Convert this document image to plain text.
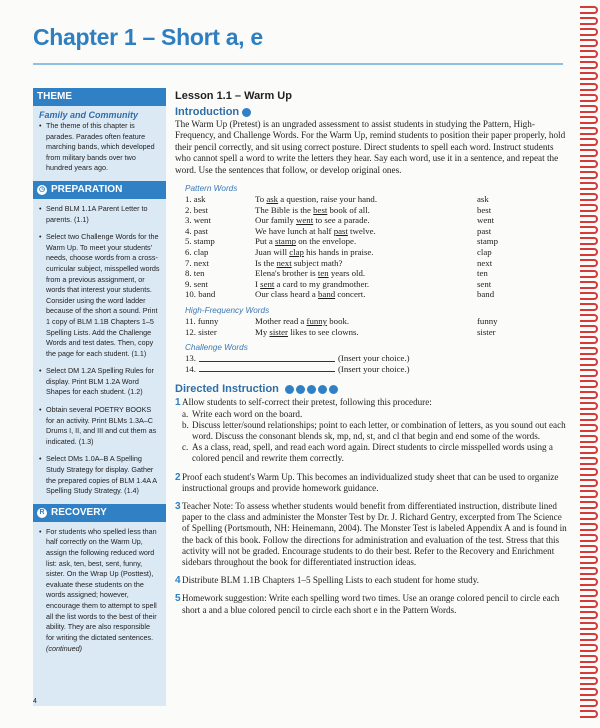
Chapter 1 – Short a, e
THEME
Family and Community
• The theme of this chapter is parades. Parades often feature marching bands, which developed from military bands over two hundred years ago.
◷ PREPARATION
• Send BLM 1.1A Parent Letter to parents. (1.1)
• Select two Challenge Words for the Warm Up. To meet your students' needs, choose words from a cross-curricular subject, misspelled words from a previous assignment, or words that interest your students. Consider using the word ladder because of the short a sound. Print 1 copy of BLM 1.1B Chapters 1–5 Spelling Lists. Add the Challenge Words and test dates. Then, copy the page for each student. (1.1)
• Select DM 1.2A Spelling Rules for display. Print BLM 1.2A Word Shapes for each student. (1.2)
• Obtain several POETRY BOOKS for an activity. Print BLMs 1.3A–C Drums I, II, and III and cut them as indicated. (1.3)
• Select DMs 1.0A–B A Spelling Study Strategy for display. Gather the prepared copies of BLM 1.4A A Spelling Study Strategy. (1.4)
R RECOVERY
• For students who spelled less than half correctly on the Warm Up, assign the following reduced word list: ask, ten, best, sent, funny, sister. On the Wrap Up (Posttest), evaluate these students on the words assigned; however, encourage them to attempt to spell all the list words to the best of their ability. They are also responsible for writing the dictated sentences.
(continued)
Lesson 1.1 – Warm Up
Introduction

The Warm Up (Pretest) is an ungraded assessment to assist students in studying the Pattern, High-Frequency, and Challenge Words. For the Warm Up, remind students to position their paper properly, hold their pencil correctly, and sit using correct posture. Direct students to spell each word. Instruct students who cannot spell a word to write the letters they hear. Say each word, use it in a sentence, and repeat the word. Use the sentences that follow, or develop original ones.

Pattern Words
1. ask	To ask a question, raise your hand.	ask
2. best	The Bible is the best book of all.	best
3. went	Our family went to see a parade.	went
4. past	We have lunch at half past twelve.	past
5. stamp	Put a stamp on the envelope.	stamp
6. clap	Juan will clap his hands in praise.	clap
7. next	Is the next subject math?	next
8. ten	Elena's brother is ten years old.	ten
9. sent	I sent a card to my grandmother.	sent
10. band	Our class heard a band concert.	band
High-Frequency Words
11. funny	Mother read a funny book.	funny
12. sister	My sister likes to see clowns.	sister
Challenge Words
13.	(Insert your choice.)
14.	(Insert your choice.)
Directed Instruction
1 Allow students to self-correct their pretest, following this procedure:
a. Write each word on the board.
b. Discuss letter/sound relationships; point to each letter, or combination of letters, as you sound out each word. Discuss the consonant blends sk, mp, nd, st, and cl that begin and end some of the words.
c. As a class, read, spell, and read each word again. Direct students to circle misspelled words using a colored pencil and rewrite them correctly.
2 Proof each student's Warm Up. This becomes an individualized study sheet that can be used to organize instructional groups and provide homework guidance.
3 Teacher Note: To assess whether students would benefit from differentiated instruction, distribute lined paper to the class and administer the Monster Test by Dr. J. Richard Gentry, excerpted from The Science of Spelling (Portsmouth, NH: Heinemann, 2004). The Monster Test is labeled Appendix A and is found in the back of this book. Follow the directions for administration and evaluation of the test. Stress that this activity will not be graded. Encourage students to do their best. Refer to the Recovery and Enrichment sidebars throughout the book for differentiated instruction ideas.
4 Distribute BLM 1.1B Chapters 1–5 Spelling Lists to each student for home study.
5 Homework suggestion: Write each spelling word two times. Use an orange colored pencil to circle each short a and a blue colored pencil to circle each short e in the Pattern Words.
4
